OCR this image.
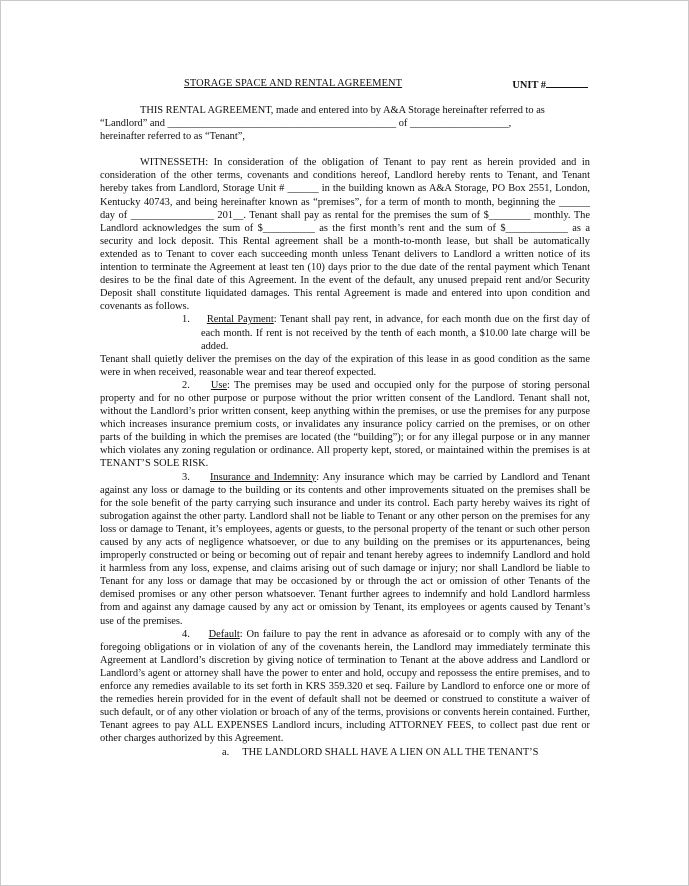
STORAGE SPACE AND RENTAL AGREEMENT	UNIT #

THIS RENTAL AGREEMENT, made and entered into by A&A Storage hereinafter referred to as

“Landlord” and ____________________________________________ of ___________________,

hereinafter referred to as “Tenant”,

WITNESSETH: In consideration of the obligation of Tenant to pay rent as herein provided and in consideration of the other terms, covenants and conditions hereof, Landlord hereby rents to Tenant, and Tenant hereby takes from Landlord, Storage Unit # ______ in the building known as A&A Storage, PO Box 2551, London, Kentucky 40743, and being hereinafter known as “premises”, for a term of month to month, beginning the ______ day of ________________ 201__. Tenant shall pay as rental for the premises the sum of $________ monthly. The Landlord acknowledges the sum of $__________ as the first month’s rent and the sum of $____________ as a security and lock deposit. This Rental agreement shall be a month-to-month lease, but shall be automatically extended as to Tenant to cover each succeeding month unless Tenant delivers to Landlord a written notice of its intention to terminate the Agreement at least ten (10) days prior to the due date of the rental payment which Tenant desires to be the final date of this Agreement. In the event of the default, any unused prepaid rent and/or Security Deposit shall constitute liquidated damages. This rental Agreement is made and entered into upon condition and covenants as follows.

1. Rental Payment: Tenant shall pay rent, in advance, for each month due on the first day of each month. If rent is not received by the tenth of each month, a $10.00 late charge will be added.

Tenant shall quietly deliver the premises on the day of the expiration of this lease in as good condition as the same were in when received, reasonable wear and tear thereof expected.

2. Use: The premises may be used and occupied only for the purpose of storing personal property and for no other purpose or purpose without the prior written consent of the Landlord. Tenant shall not, without the Landlord’s prior written consent, keep anything within the premises, or use the premises for any purpose which increases insurance premium costs, or invalidates any insurance policy carried on the premises, or on other parts of the building in which the premises are located (the “building”); or for any illegal purpose or in any manner which violates any zoning regulation or ordinance. All property kept, stored, or maintained within the premises is at TENANT’S SOLE RISK.

3. Insurance and Indemnity: Any insurance which may be carried by Landlord and Tenant against any loss or damage to the building or its contents and other improvements situated on the premises shall be for the sole benefit of the party carrying such insurance and under its control. Each party hereby waives its right of subrogation against the other party. Landlord shall not be liable to Tenant or any other person on the premises for any loss or damage to Tenant, it’s employees, agents or guests, to the personal property of the tenant or such other person caused by any acts of negligence whatsoever, or due to any building on the premises or its appurtenances, being improperly constructed or being or becoming out of repair and tenant hereby agrees to indemnify Landlord and hold it harmless from any loss, expense, and claims arising out of such damage or injury; nor shall Landlord be liable to Tenant for any loss or damage that may be occasioned by or through the act or omission of other Tenants of the demised promises or any other person whatsoever. Tenant further agrees to indemnify and hold Landlord harmless from and against any damage caused by any act or omission by Tenant, its employees or agents caused by Tenant’s use of the premises.

4. Default: On failure to pay the rent in advance as aforesaid or to comply with any of the foregoing obligations or in violation of any of the covenants herein, the Landlord may immediately terminate this Agreement at Landlord’s discretion by giving notice of termination to Tenant at the above address and Landlord or Landlord’s agent or attorney shall have the power to enter and hold, occupy and repossess the entire premises, and to enforce any remedies available to its set forth in KRS 359.320 et seq. Failure by Landlord to enforce one or more of the remedies herein provided for in the event of default shall not be deemed or construed to constitute a waiver of such default, or of any other violation or broach of any of the terms, provisions or convents herein contained. Further, Tenant agrees to pay ALL EXPENSES Landlord incurs, including ATTORNEY FEES, to collect past due rent or other charges authorized by this Agreement.

a. THE LANDLORD SHALL HAVE A LIEN ON ALL THE TENANT’S
